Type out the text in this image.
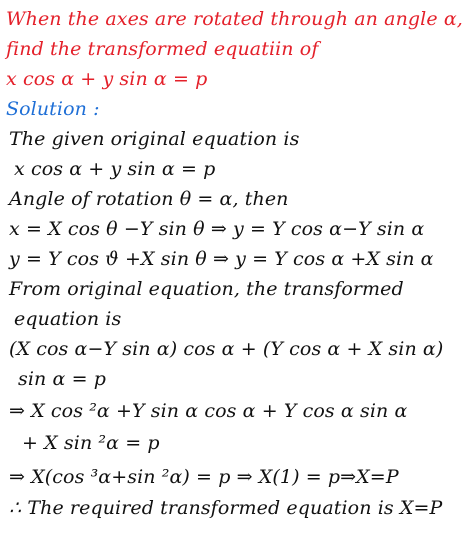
When the axes are rotated through an angle α,
find the transformed equatiin of
x cos α + y sin α = p
Solution :
The given original equation is
x cos α + y sin α = p
Angle of rotation θ = α, then
x = X cos θ −Y sin θ ⇒ y = Y cos α−Y sin α
y = Y cos ϑ +X sin θ ⇒ y = Y cos α +X sin α
From original equation, the transformed
equation is
(X cos α−Y sin α) cos α + (Y cos α + X sin α)
sin α = p
⇒ X cos ²α +Y sin α cos α + Y cos α sin α
+ X sin ²α = p
⇒ X(cos ³α+sin ²α) = p ⇒ X(1) = p⇒X=P
∴ The required transformed equation is X=P
